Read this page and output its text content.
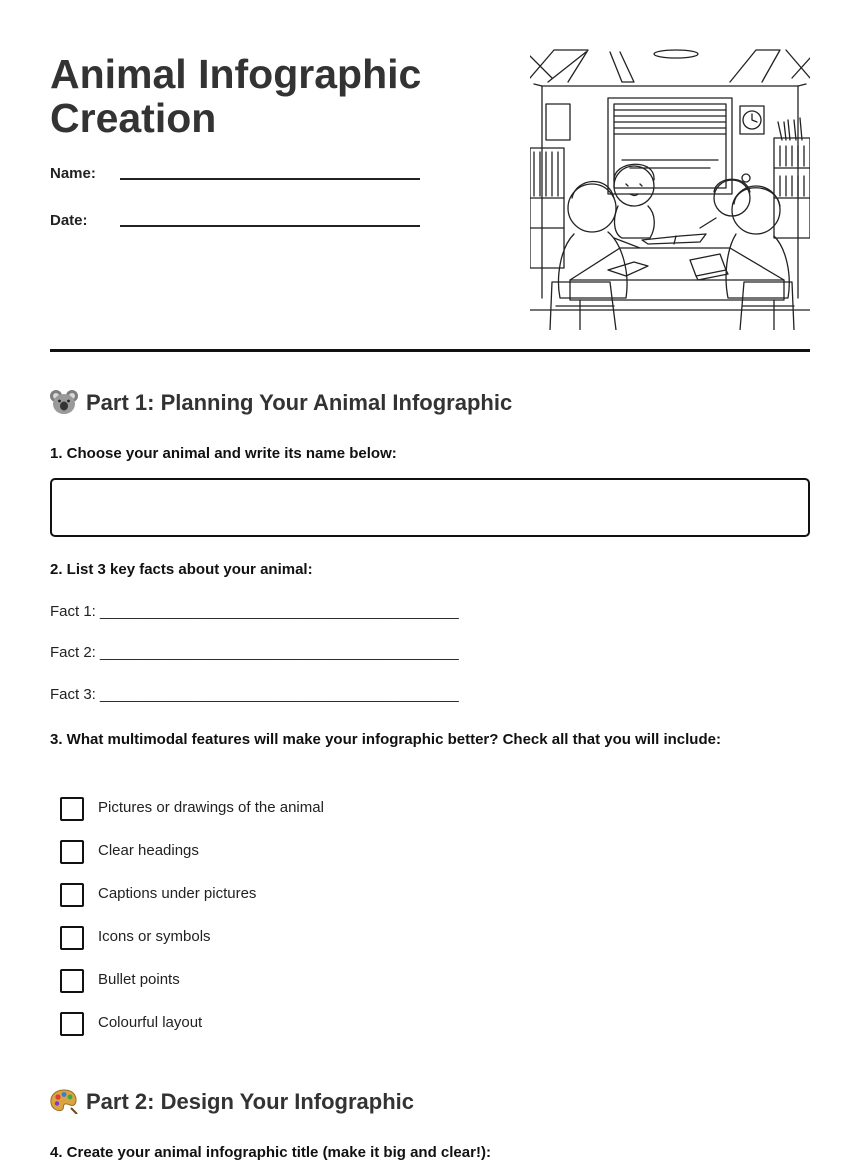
Animal Infographic
Creation
Name:
Date:
Part 1: Planning Your Animal Infographic
1. Choose your animal and write its name below:
2. List 3 key facts about your animal:
Fact 1: ___________________________________________
Fact 2: ___________________________________________
Fact 3: ___________________________________________
3. What multimodal features will make your infographic better? Check all that you will include:
Pictures or drawings of the animal
Clear headings
Captions under pictures
Icons or symbols
Bullet points
Colourful layout
Part 2: Design Your Infographic
4. Create your animal infographic title (make it big and clear!):
